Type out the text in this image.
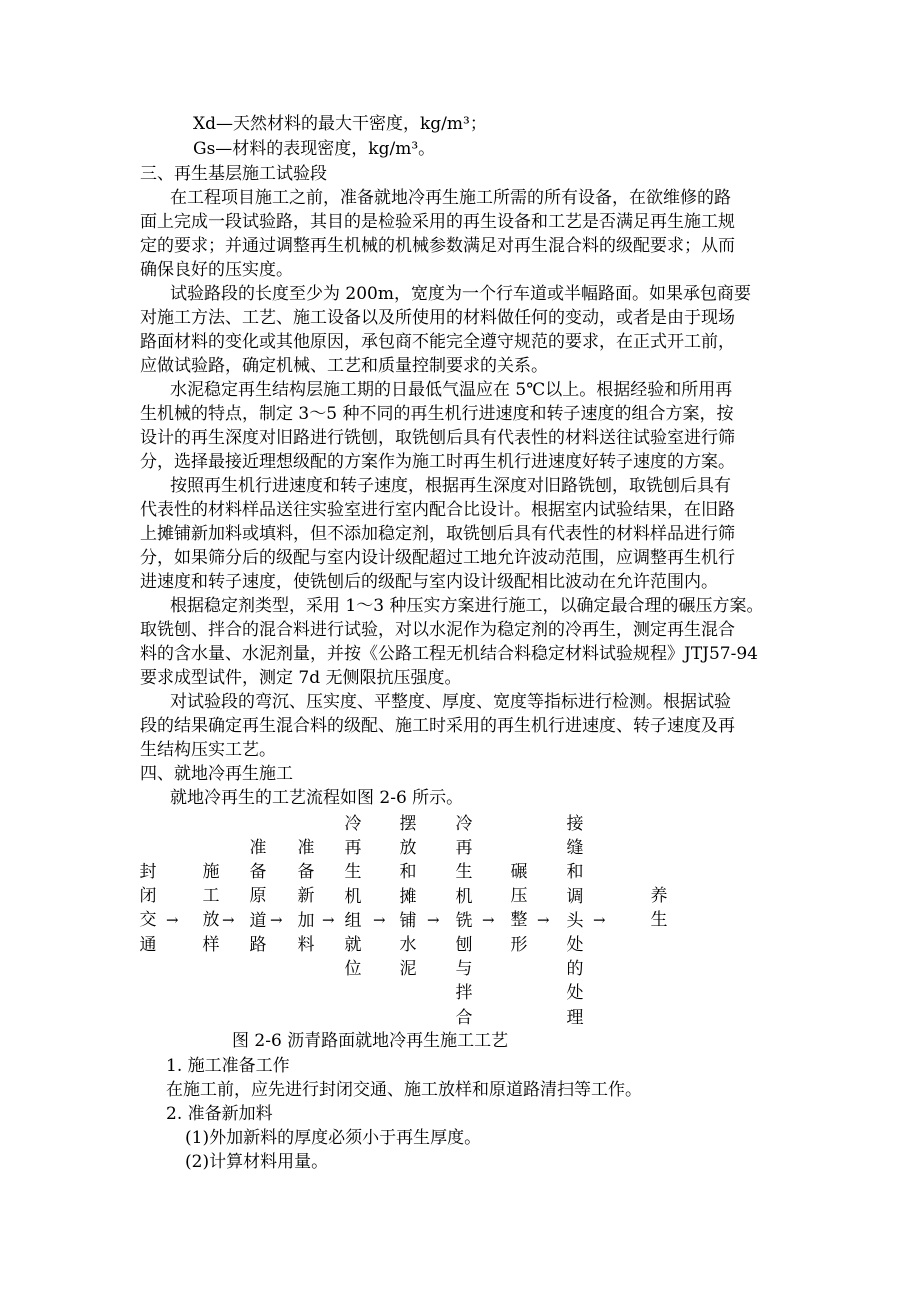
Xd—天然材料的最大干密度，kg/m³；
Gs—材料的表现密度，kg/m³。
三、再生基层施工试验段
在工程项目施工之前，准备就地冷再生施工所需的所有设备，在欲维修的路
面上完成一段试验路，其目的是检验采用的再生设备和工艺是否满足再生施工规
定的要求；并通过调整再生机械的机械参数满足对再生混合料的级配要求；从而
确保良好的压实度。
试验路段的长度至少为 200m，宽度为一个行车道或半幅路面。如果承包商要
对施工方法、工艺、施工设备以及所使用的材料做任何的变动，或者是由于现场
路面材料的变化或其他原因，承包商不能完全遵守规范的要求，在正式开工前，
应做试验路，确定机械、工艺和质量控制要求的关系。
水泥稳定再生结构层施工期的日最低气温应在 5℃以上。根据经验和所用再
生机械的特点，制定 3～5 种不同的再生机行进速度和转子速度的组合方案，按
设计的再生深度对旧路进行铣刨，取铣刨后具有代表性的材料送往试验室进行筛
分，选择最接近理想级配的方案作为施工时再生机行进速度好转子速度的方案。
按照再生机行进速度和转子速度，根据再生深度对旧路铣刨，取铣刨后具有
代表性的材料样品送往实验室进行室内配合比设计。根据室内试验结果，在旧路
上摊铺新加料或填料，但不添加稳定剂，取铣刨后具有代表性的材料样品进行筛
分，如果筛分后的级配与室内设计级配超过工地允许波动范围，应调整再生机行
进速度和转子速度，使铣刨后的级配与室内设计级配相比波动在允许范围内。
根据稳定剂类型，采用 1～3 种压实方案进行施工，以确定最合理的碾压方案。
取铣刨、拌合的混合料进行试验，对以水泥作为稳定剂的冷再生，测定再生混合
料的含水量、水泥剂量，并按《公路工程无机结合料稳定材料试验规程》JTJ57-94
要求成型试件，测定 7d 无侧限抗压强度。
对试验段的弯沉、压实度、平整度、厚度、宽度等指标进行检测。根据试验
段的结果确定再生混合料的级配、施工时采用的再生机行进速度、转子速度及再
生结构压实工艺。
四、就地冷再生施工
就地冷再生的工艺流程如图 2-6 所示。
封闭交通
→
施工放样
→
准备原道路
→
准备新加料
→
冷再生机组就位
→
摆放和摊铺水泥
→
冷再生机铣刨与拌合
→
碾压整形
→
接缝和调头处的处理
→
养生
图 2-6 沥青路面就地冷再生施工工艺
1. 施工准备工作
在施工前，应先进行封闭交通、施工放样和原道路清扫等工作。
2. 准备新加料
(1)外加新料的厚度必须小于再生厚度。
(2)计算材料用量。
